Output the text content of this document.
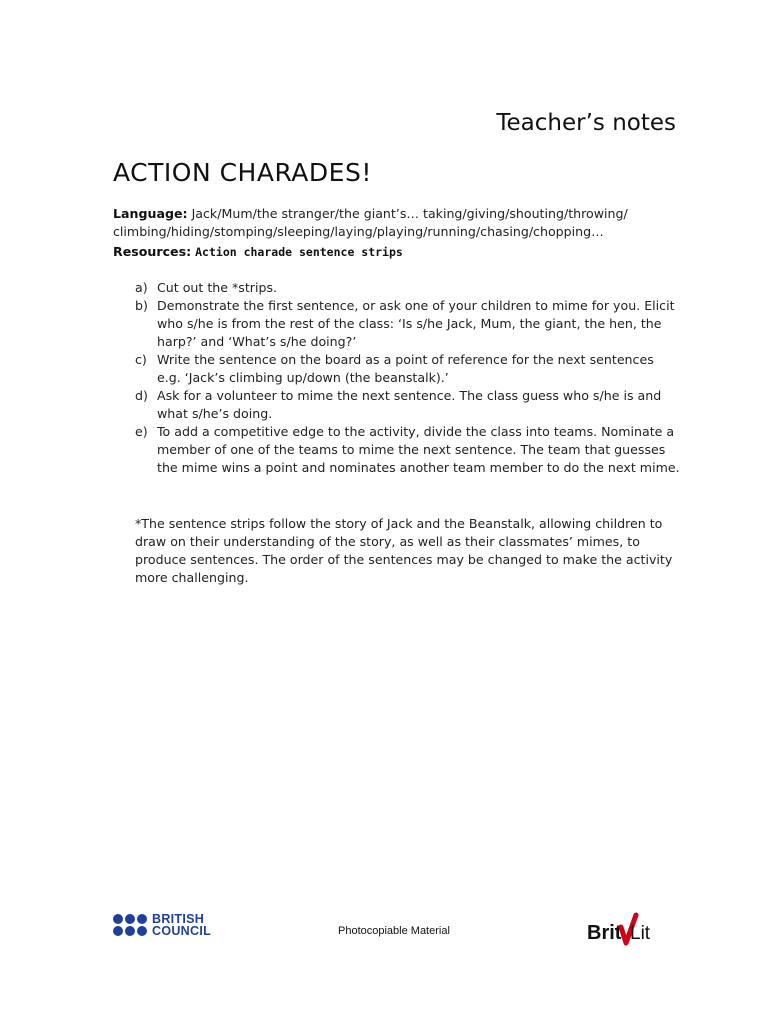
Teacher’s notes
ACTION CHARADES!
Language: Jack/Mum/the stranger/the giant’s… taking/giving/shouting/throwing/ climbing/hiding/stomping/sleeping/laying/playing/running/chasing/chopping…
Resources: Action charade sentence strips
a) Cut out the *strips.
b) Demonstrate the first sentence, or ask one of your children to mime for you. Elicit who s/he is from the rest of the class: ‘Is s/he Jack, Mum, the giant, the hen, the harp?’ and ‘What’s s/he doing?’
c) Write the sentence on the board as a point of reference for the next sentences e.g. ‘Jack’s climbing up/down (the beanstalk).’
d) Ask for a volunteer to mime the next sentence. The class guess who s/he is and what s/he’s doing.
e) To add a competitive edge to the activity, divide the class into teams. Nominate a member of one of the teams to mime the next sentence. The team that guesses the mime wins a point and nominates another team member to do the next mime.
*The sentence strips follow the story of Jack and the Beanstalk, allowing children to draw on their understanding of the story, as well as their classmates’ mimes, to produce sentences. The order of the sentences may be changed to make the activity more challenging.
BRITISH
COUNCIL	Photocopiable Material	Brit Lit
